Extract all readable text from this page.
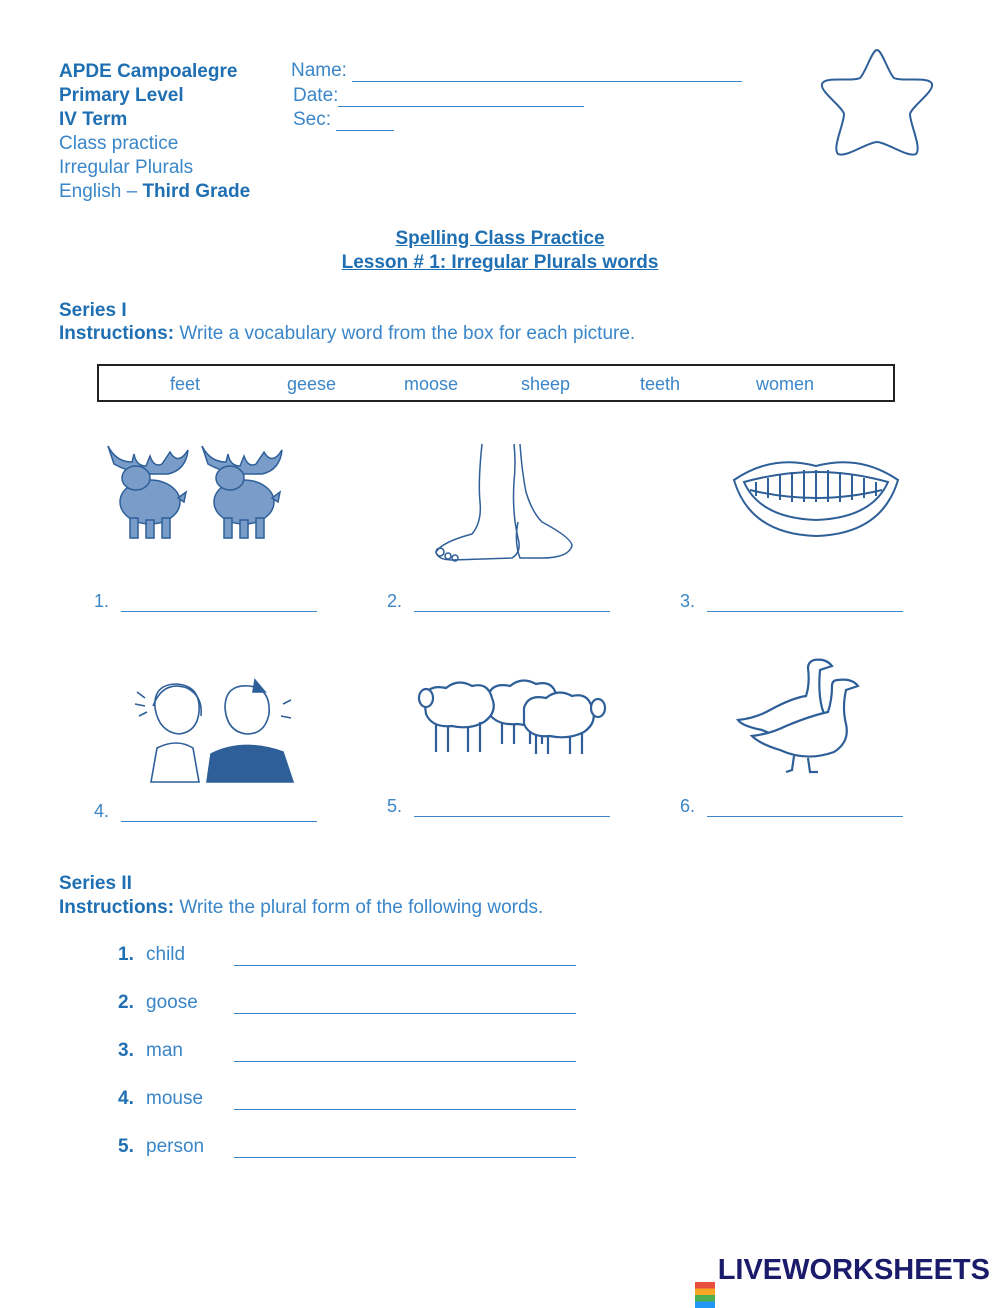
APDE Campoalegre
Primary Level
IV Term
Class practice
Irregular Plurals
English – Third Grade
Name:
Date:
Sec:
Spelling Class Practice
Lesson # 1: Irregular Plurals words
Series I
Instructions: Write a vocabulary word from the box for each picture.
feet	geese	moose	sheep	teeth	women
1.	2.	3.
4.	5.	6.
Series II
Instructions: Write the plural form of the following words.
1. child
2. goose
3. man
4. mouse
5. person
LIVEWORKSHEETS
